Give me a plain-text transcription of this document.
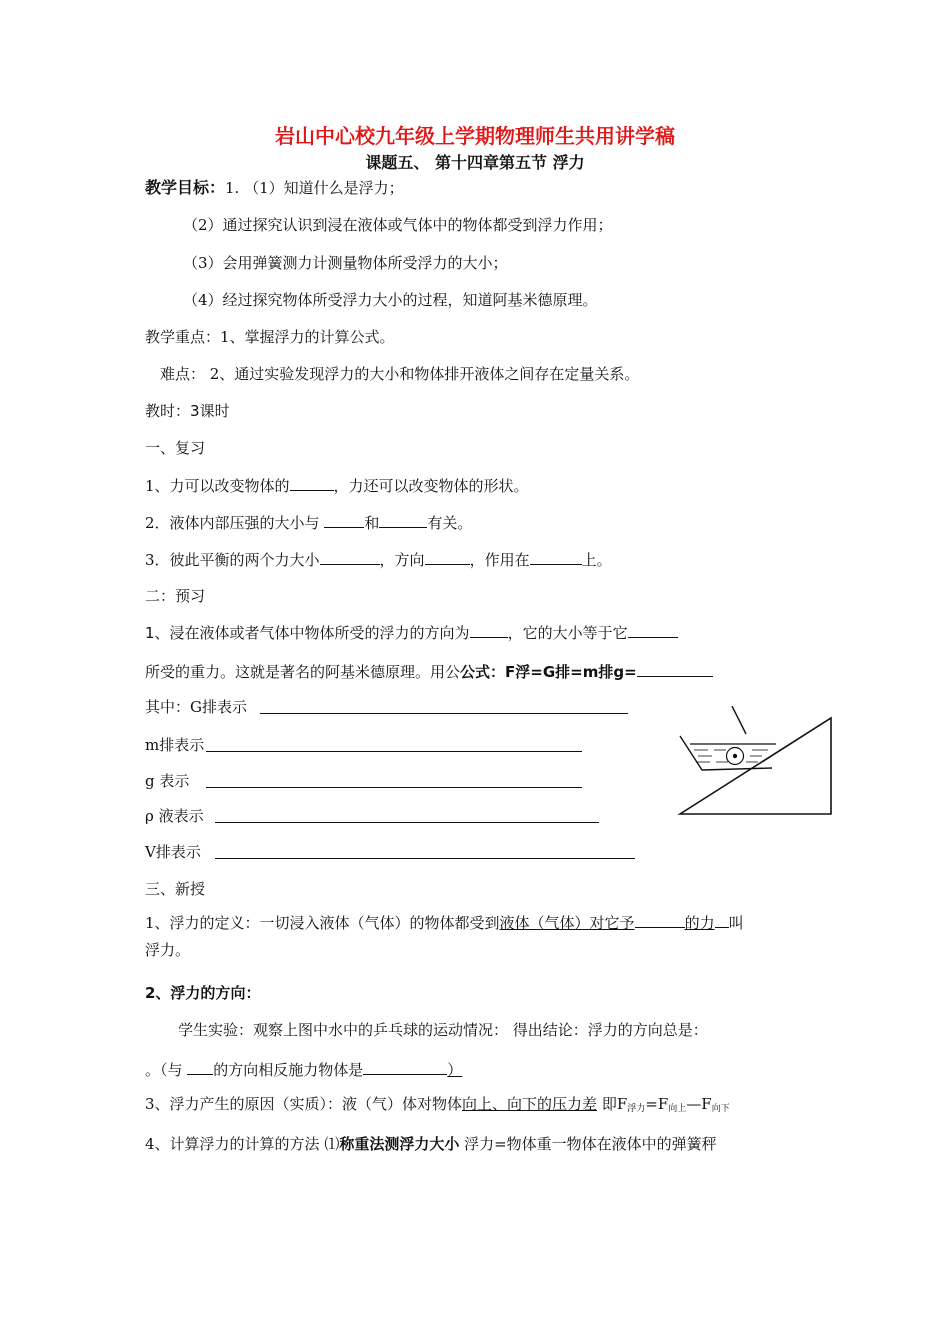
岩山中心校九年级上学期物理师生共用讲学稿
课题五、 第十四章第五节 浮力
教学目标：1. （1）知道什么是浮力；
（2）通过探究认识到浸在液体或气体中的物体都受到浮力作用；
（3）会用弹簧测力计测量物体所受浮力的大小；
（4）经过探究物体所受浮力大小的过程，知道阿基米德原理。
教学重点：1、掌握浮力的计算公式。
难点： 2、通过实验发现浮力的大小和物体排开液体之间存在定量关系。
教时：3课时
一、复习
1、力可以改变物体的	，力还可以改变物体的形状。
2．液体内部压强的大小与	和	有关。
3．彼此平衡的两个力大小	，方向	，作用在	上。
二：预习
1、浸在液体或者气体中物体所受的浮力的方向为	，它的大小等于它
所受的重力。这就是著名的阿基米德原理。用公公式：F浮=G排=m排g=
其中：G排表示
m排表示
g 表示
ρ 液表示
V排表示
三、新授
1、浮力的定义：一切浸入液体（气体）的物体都受到液体（气体）对它予	的力 叫
浮力。
2、浮力的方向：
学生实验：观察上图中水中的乒乓球的运动情况： 得出结论：浮力的方向总是：
。（与 的方向相反施力物体是	）
3、浮力产生的原因（实质）：液（气）体对物体向上、向下的压力差 即$F_{浮力}=F_{向上}—F_{向下}$
4、计算浮力的计算的方法 ⑴称重法测浮力大小 浮力=物体重一物体在液体中的弹簧秤
